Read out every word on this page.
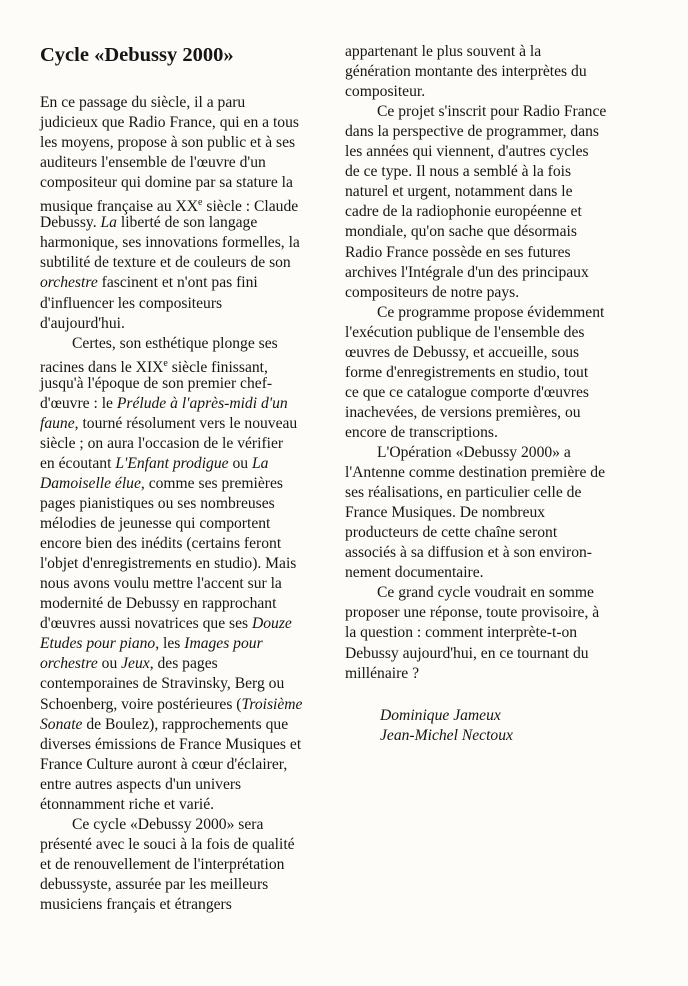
Cycle «Debussy 2000»
En ce passage du siècle, il a paru
judicieux que Radio France, qui en a tous
les moyens, propose à son public et à ses
auditeurs l'ensemble de l'œuvre d'un
compositeur qui domine par sa stature la
musique française au XXe siècle : Claude
Debussy. La liberté de son langage
harmonique, ses innovations formelles, la
subtilité de texture et de couleurs de son
orchestre fascinent et n'ont pas fini
d'influencer les compositeurs
d'aujourd'hui.
Certes, son esthétique plonge ses
racines dans le XIXe siècle finissant,
jusqu'à l'époque de son premier chef-
d'œuvre : le Prélude à l'après-midi d'un
faune, tourné résolument vers le nouveau
siècle ; on aura l'occasion de le vérifier
en écoutant L'Enfant prodigue ou La
Damoiselle élue, comme ses premières
pages pianistiques ou ses nombreuses
mélodies de jeunesse qui comportent
encore bien des inédits (certains feront
l'objet d'enregistrements en studio). Mais
nous avons voulu mettre l'accent sur la
modernité de Debussy en rapprochant
d'œuvres aussi novatrices que ses Douze
Etudes pour piano, les Images pour
orchestre ou Jeux, des pages
contemporaines de Stravinsky, Berg ou
Schoenberg, voire postérieures (Troisième
Sonate de Boulez), rapprochements que
diverses émissions de France Musiques et
France Culture auront à cœur d'éclairer,
entre autres aspects d'un univers
étonnamment riche et varié.
Ce cycle «Debussy 2000» sera
présenté avec le souci à la fois de qualité
et de renouvellement de l'interprétation
debussyste, assurée par les meilleurs
musiciens français et étrangers
appartenant le plus souvent à la
génération montante des interprètes du
compositeur.
Ce projet s'inscrit pour Radio France
dans la perspective de programmer, dans
les années qui viennent, d'autres cycles
de ce type. Il nous a semblé à la fois
naturel et urgent, notamment dans le
cadre de la radiophonie européenne et
mondiale, qu'on sache que désormais
Radio France possède en ses futures
archives l'Intégrale d'un des principaux
compositeurs de notre pays.
Ce programme propose évidemment
l'exécution publique de l'ensemble des
œuvres de Debussy, et accueille, sous
forme d'enregistrements en studio, tout
ce que ce catalogue comporte d'œuvres
inachevées, de versions premières, ou
encore de transcriptions.
L'Opération «Debussy 2000» a
l'Antenne comme destination première de
ses réalisations, en particulier celle de
France Musiques. De nombreux
producteurs de cette chaîne seront
associés à sa diffusion et à son environ-
nement documentaire.
Ce grand cycle voudrait en somme
proposer une réponse, toute provisoire, à
la question : comment interprète-t-on
Debussy aujourd'hui, en ce tournant du
millénaire ?
Dominique Jameux
Jean-Michel Nectoux
